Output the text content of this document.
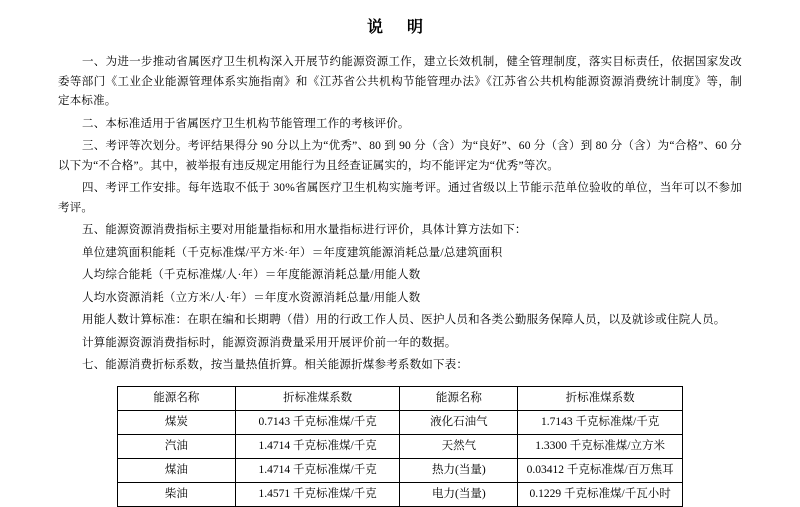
说 明

一、为进一步推动省属医疗卫生机构深入开展节约能源资源工作，建立长效机制，健全管理制度，落实目标责任，依据国家发改委等部门《工业企业能源管理体系实施指南》和《江苏省公共机构节能管理办法》《江苏省公共机构能源资源消费统计制度》等，制定本标准。

二、本标准适用于省属医疗卫生机构节能管理工作的考核评价。

三、考评等次划分。考评结果得分 90 分以上为“优秀”、80 到 90 分（含）为“良好”、60 分（含）到 80 分（含）为“合格”、60 分以下为“不合格”。其中，被举报有违反规定用能行为且经查证属实的，均不能评定为“优秀”等次。

四、考评工作安排。每年选取不低于 30%省属医疗卫生机构实施考评。通过省级以上节能示范单位验收的单位，当年可以不参加考评。

五、能源资源消费指标主要对用能量指标和用水量指标进行评价，具体计算方法如下：

单位建筑面积能耗（千克标准煤/平方米·年）＝年度建筑能源消耗总量/总建筑面积

人均综合能耗（千克标准煤/人·年）＝年度能源消耗总量/用能人数

人均水资源消耗（立方米/人·年）＝年度水资源消耗总量/用能人数

用能人数计算标准：在职在编和长期聘（借）用的行政工作人员、医护人员和各类公勤服务保障人员，以及就诊或住院人员。

计算能源资源消费指标时，能源资源消费量采用开展评价前一年的数据。

七、能源消费折标系数，按当量热值折算。相关能源折煤参考系数如下表：

能源名称	折标准煤系数	能源名称	折标准煤系数
煤炭	0.7143 千克标准煤/千克	液化石油气	1.7143 千克标准煤/千克
汽油	1.4714 千克标准煤/千克	天然气	1.3300 千克标准煤/立方米
煤油	1.4714 千克标准煤/千克	热力(当量)	0.03412 千克标准煤/百万焦耳
柴油	1.4571 千克标准煤/千克	电力(当量)	0.1229 千克标准煤/千瓦小时
